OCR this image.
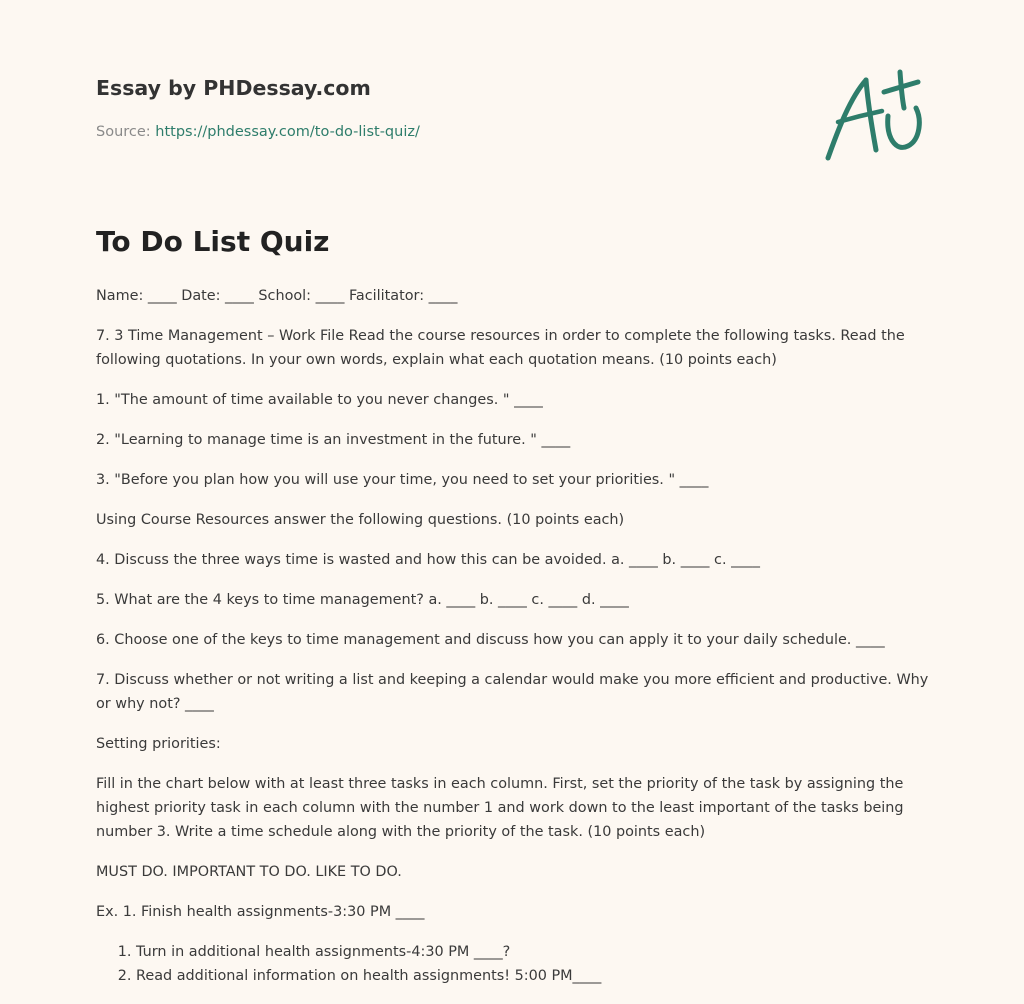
Essay by PHDessay.com
Source: https://phdessay.com/to-do-list-quiz/
To Do List Quiz

Name: ____ Date: ____ School: ____ Facilitator: ____

7. 3 Time Management – Work File Read the course resources in order to complete the following tasks. Read the following quotations. In your own words, explain what each quotation means. (10 points each)

1. "The amount of time available to you never changes. " ____

2. "Learning to manage time is an investment in the future. " ____

3. "Before you plan how you will use your time, you need to set your priorities. " ____

Using Course Resources answer the following questions. (10 points each)

4. Discuss the three ways time is wasted and how this can be avoided. a. ____ b. ____ c. ____

5. What are the 4 keys to time management? a. ____ b. ____ c. ____ d. ____

6. Choose one of the keys to time management and discuss how you can apply it to your daily schedule. ____

7. Discuss whether or not writing a list and keeping a calendar would make you more efficient and productive. Why or why not? ____

Setting priorities:

Fill in the chart below with at least three tasks in each column. First, set the priority of the task by assigning the highest priority task in each column with the number 1 and work down to the least important of the tasks being number 3. Write a time schedule along with the priority of the task. (10 points each)

MUST DO. IMPORTANT TO DO. LIKE TO DO.

Ex. 1. Finish health assignments-3:30 PM ____

1. Turn in additional health assignments-4:30 PM ____?
2. Read additional information on health assignments! 5:00 PM____
